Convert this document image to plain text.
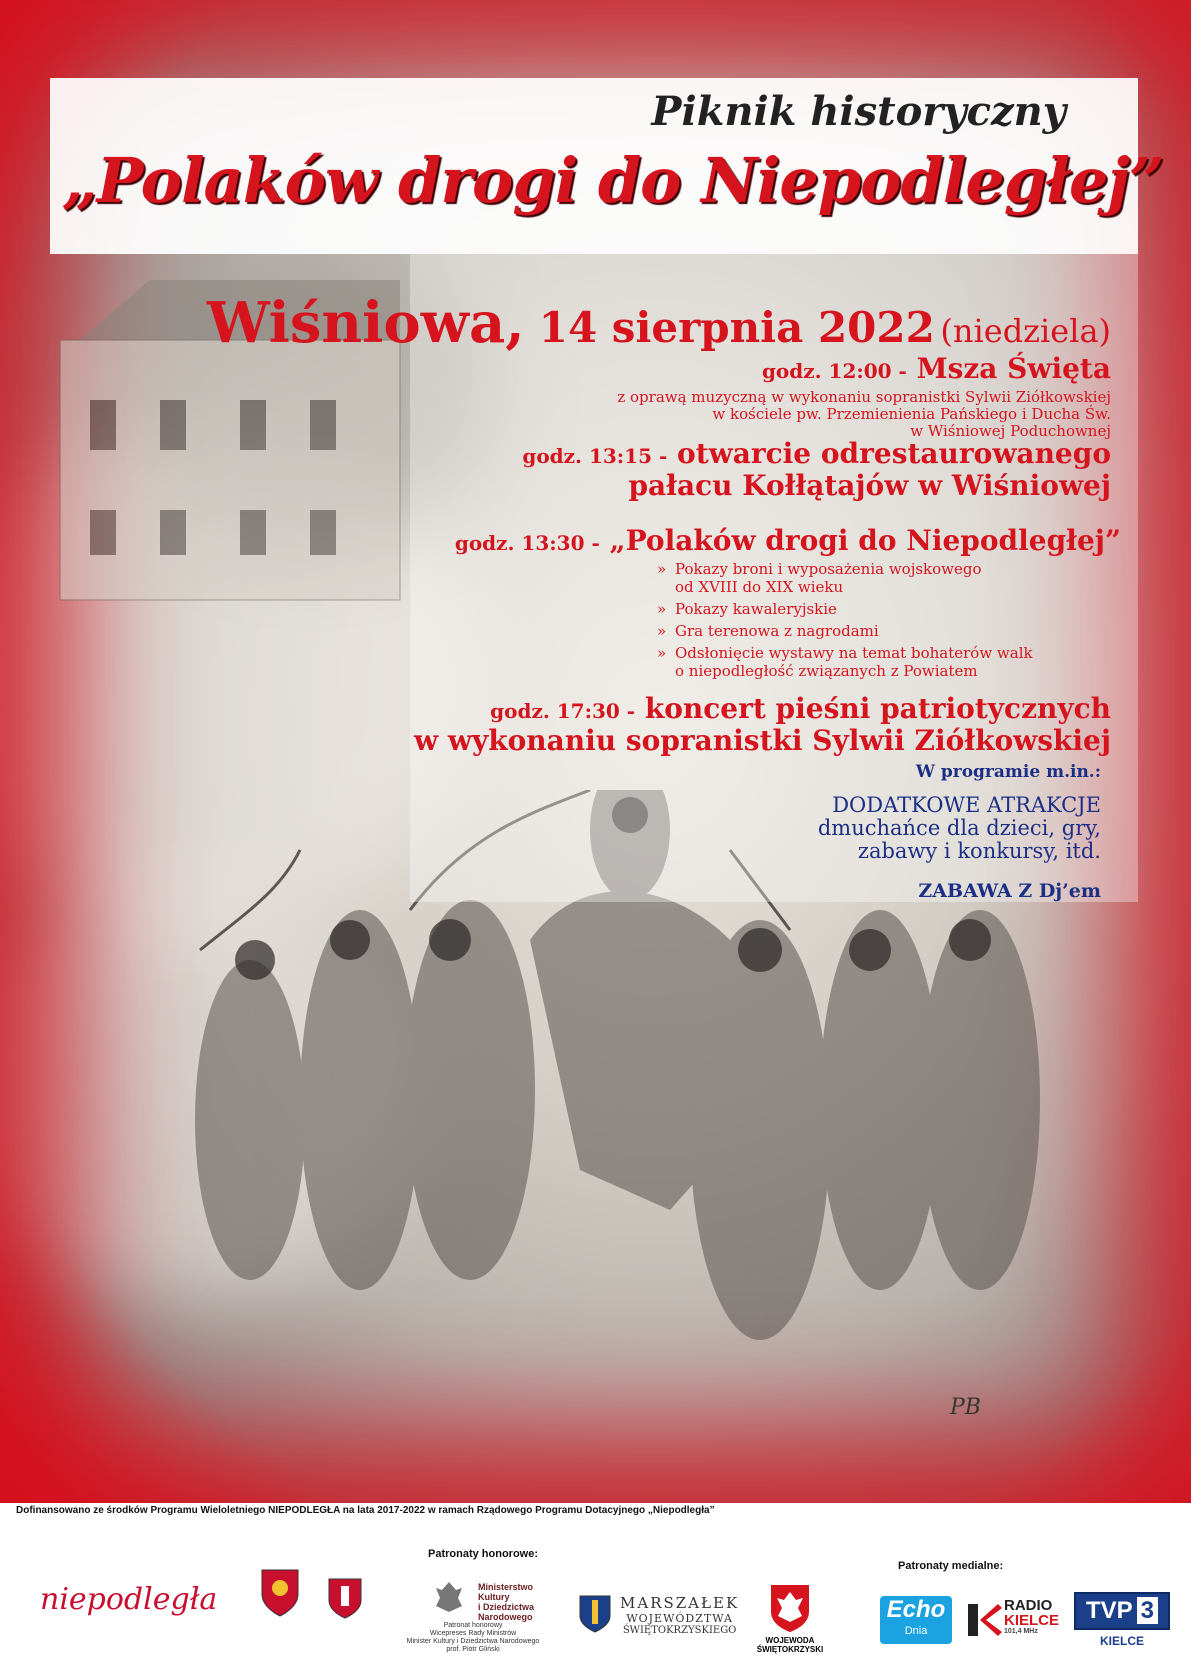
PB
Piknik historyczny
„Polaków drogi do Niepodległej”
Wiśniowa, 14 sierpnia 2022 (niedziela)
godz. 12:00 - Msza Święta
z oprawą muzyczną w wykonaniu sopranistki Sylwii Ziółkowskiej
w kościele pw. Przemienienia Pańskiego i Ducha Św.
w Wiśniowej Poduchownej
godz. 13:15 - otwarcie odrestaurowanego
pałacu Kołłątajów w Wiśniowej
godz. 13:30 - „Polaków drogi do Niepodległej”
» Pokazy broni i wyposażenia wojskowego
od XVIII do XIX wieku
» Pokazy kawaleryjskie
» Gra terenowa z nagrodami
» Odsłonięcie wystawy na temat bohaterów walk
o niepodległość związanych z Powiatem
godz. 17:30 - koncert pieśni patriotycznych
w wykonaniu sopranistki Sylwii Ziółkowskiej
W programie m.in.:
DODATKOWE ATRAKCJE
dmuchańce dla dzieci, gry,
zabawy i konkursy, itd.
ZABAWA Z Dj’em
Dofinansowano ze środków Programu Wieloletniego NIEPODLEGŁA na lata 2017-2022 w ramach Rządowego Programu Dotacyjnego „Niepodległa”
Patronaty honorowe:
Patronaty medialne:
niepodległa	Ministerstwo
Kultury
i Dziedzictwa
Narodowego
Patronat honorowy
Wicepreses Rady Ministrów
Minister Kultury i Dziedzictwa Narodowego
prof. Piotr Gliński
MARSZAŁEK
WOJEWÓDZTWA
ŚWIĘTOKRZYSKIEGO
WOJEWODA
ŚWIĘTOKRZYSKI
Echo
Dnia
RADIO
KIELCE
101,4 MHz
TVP 3
KIELCE
